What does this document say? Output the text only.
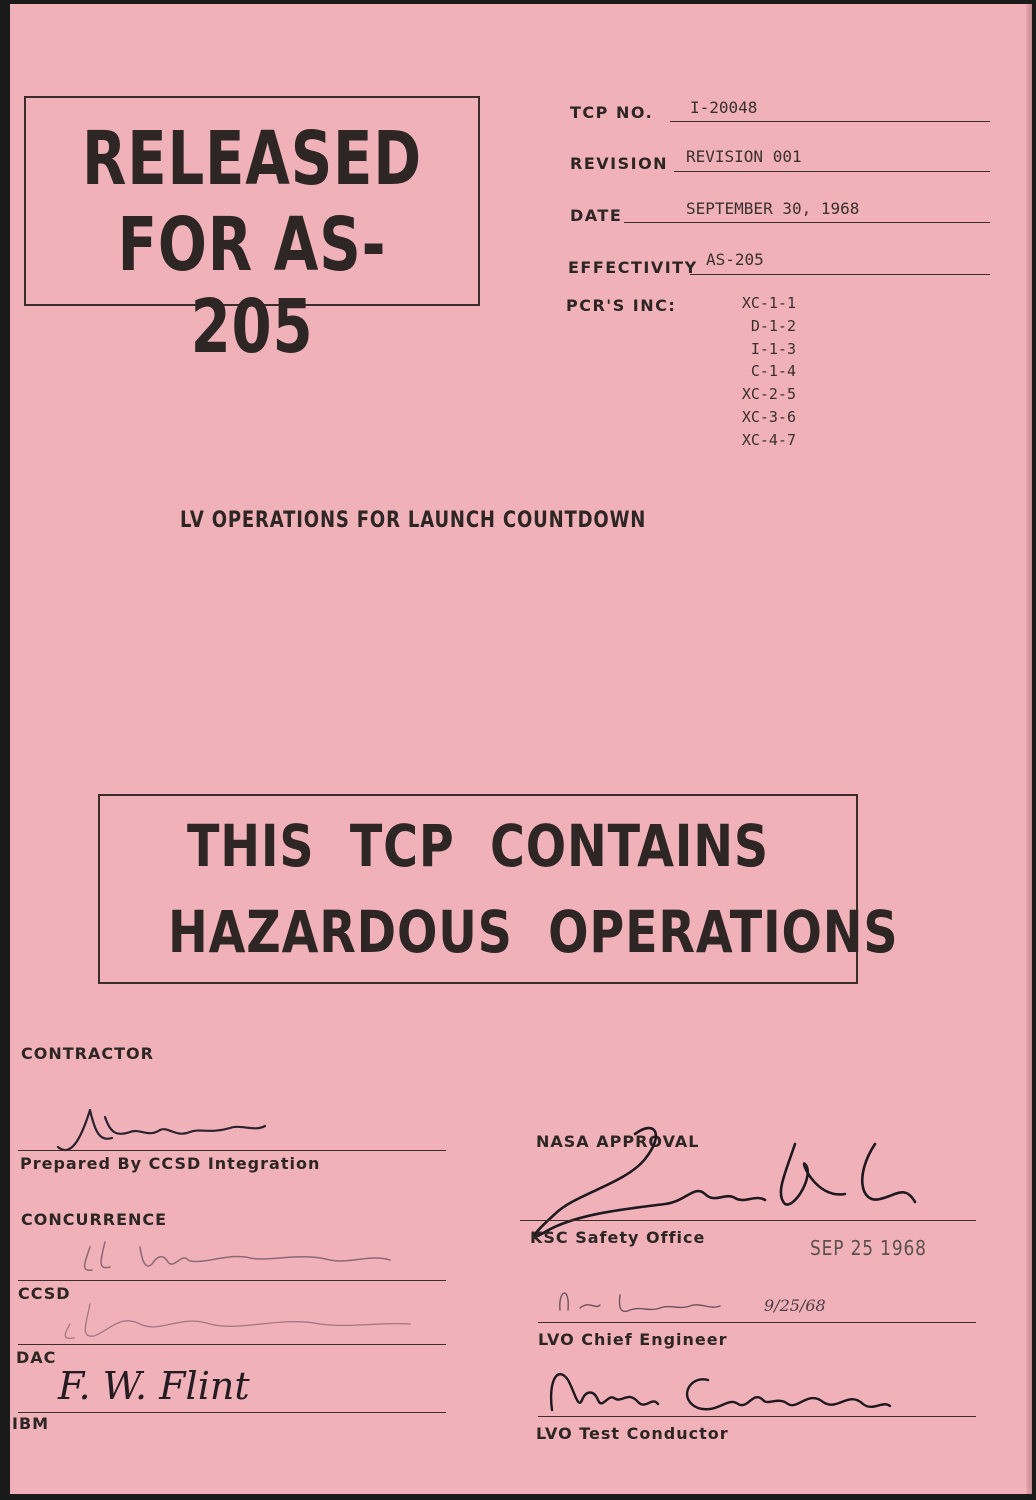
RELEASED
FOR AS-205
TCP NO. I-20048
REVISION REVISION 001
DATE	SEPTEMBER 30, 1968
EFFECTIVITY AS-205
PCR'S INC:	XC-1-1
D-1-2
I-1-3
C-1-4
XC-2-5
XC-3-6
XC-4-7
LV OPERATIONS FOR LAUNCH COUNTDOWN
THIS TCP CONTAINS
HAZARDOUS OPERATIONS
CONTRACTOR
Prepared By CCSD Integration
CONCURRENCE
CCSD
DAC
F. W. Flint
IBM
NASA APPROVAL
KSC Safety Office	SEP 25 1968
9/25/68
LVO Chief Engineer
LVO Test Conductor
